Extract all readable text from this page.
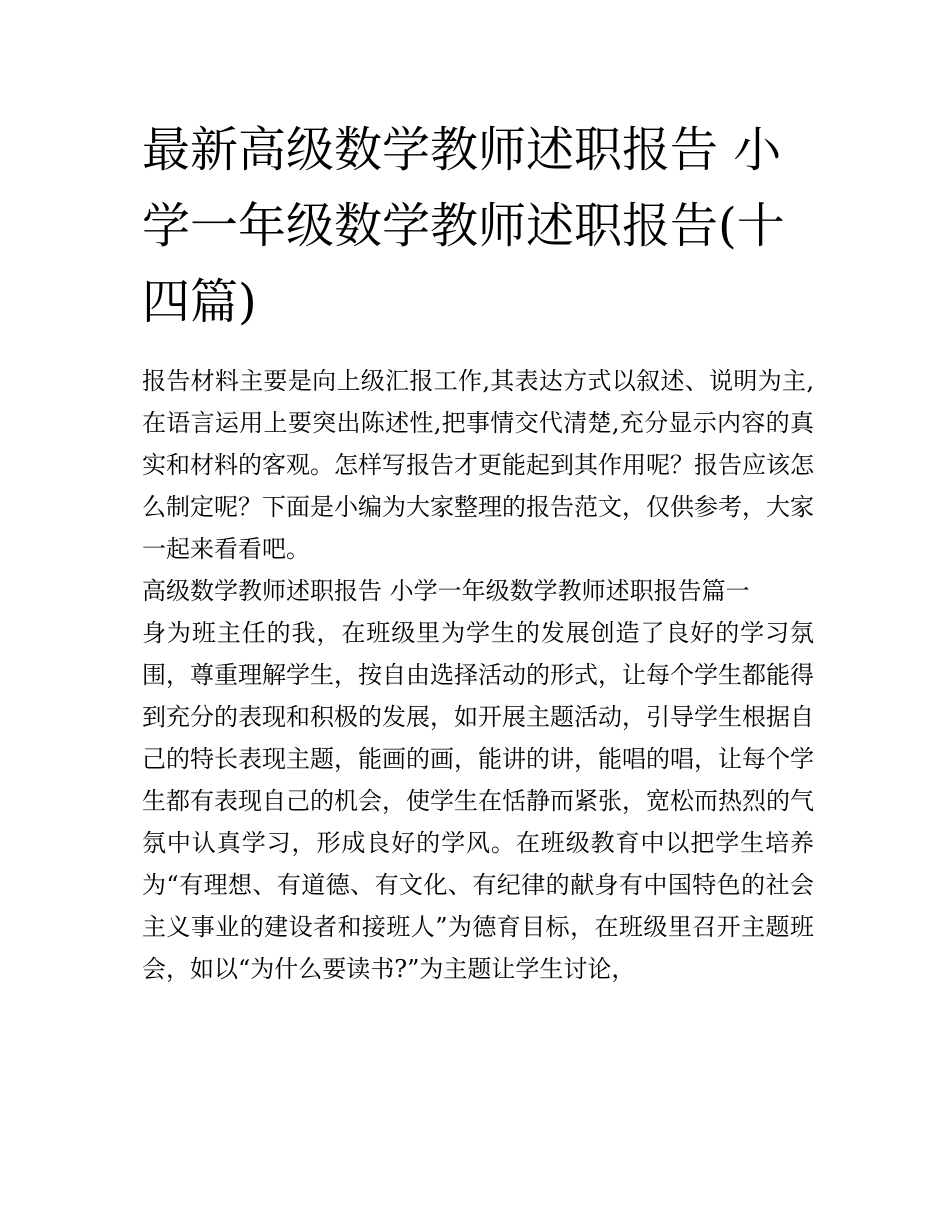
最新高级数学教师述职报告 小学一年级数学教师述职报告(十四篇)

报告材料主要是向上级汇报工作,其表达方式以叙述、说明为主,在语言运用上要突出陈述性,把事情交代清楚,充分显示内容的真实和材料的客观。怎样写报告才更能起到其作用呢？报告应该怎么制定呢？下面是小编为大家整理的报告范文，仅供参考，大家一起来看看吧。

高级数学教师述职报告 小学一年级数学教师述职报告篇一

身为班主任的我，在班级里为学生的发展创造了良好的学习氛围，尊重理解学生，按自由选择活动的形式，让每个学生都能得到充分的表现和积极的发展，如开展主题活动，引导学生根据自己的特长表现主题，能画的画，能讲的讲，能唱的唱，让每个学生都有表现自己的机会，使学生在恬静而紧张，宽松而热烈的气氛中认真学习，形成良好的学风。在班级教育中以把学生培养为“有理想、有道德、有文化、有纪律的献身有中国特色的社会主义事业的建设者和接班人”为德育目标，在班级里召开主题班会，如以“为什么要读书?”为主题让学生讨论，
